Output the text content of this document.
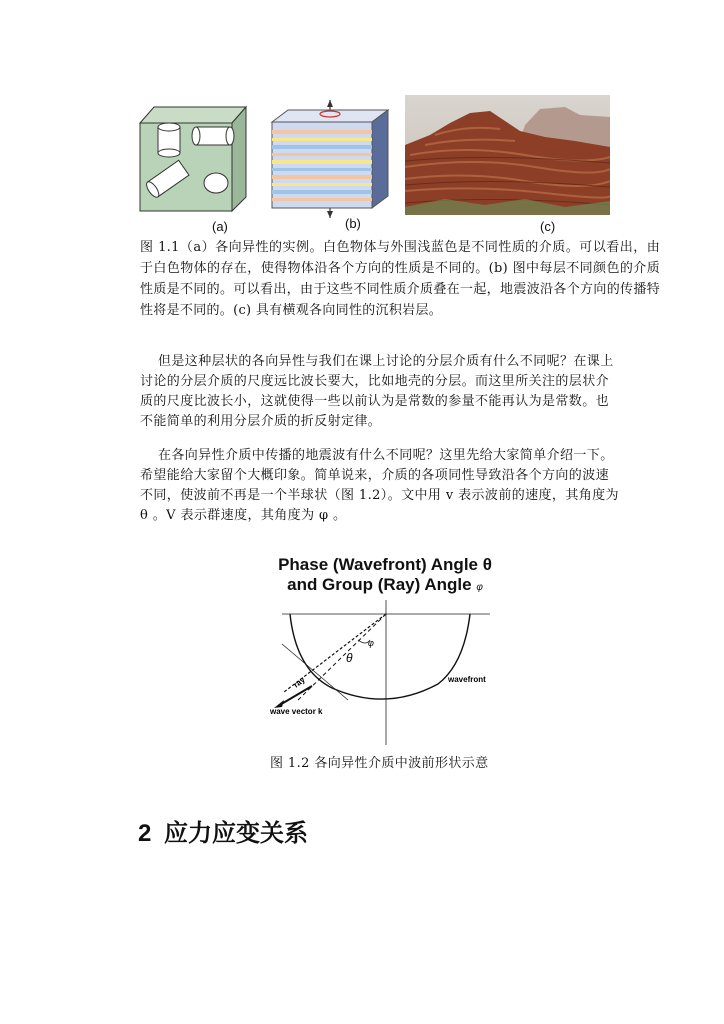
(a)	(b)	(c)
图 1.1（a）各向异性的实例。白色物体与外围浅蓝色是不同性质的介质。可以看出，由于白色物体的存在，使得物体沿各个方向的性质是不同的。(b) 图中每层不同颜色的介质性质是不同的。可以看出，由于这些不同性质介质叠在一起，地震波沿各个方向的传播特性将是不同的。(c) 具有横观各向同性的沉积岩层。
但是这种层状的各向异性与我们在课上讨论的分层介质有什么不同呢？在课上讨论的分层介质的尺度远比波长要大，比如地壳的分层。而这里所关注的层状介质的尺度比波长小，这就使得一些以前认为是常数的参量不能再认为是常数。也不能简单的利用分层介质的折反射定律。
在各向异性介质中传播的地震波有什么不同呢？这里先给大家简单介绍一下。希望能给大家留个大概印象。简单说来，介质的各项同性导致沿各个方向的波速不同，使波前不再是一个半球状（图 1.2）。文中用 v 表示波前的速度，其角度为 θ 。V 表示群速度，其角度为 φ 。
Phase (Wavefront) Angle θ
and Group (Ray) Angle φ
θ
φ
ray	wavefront
wave vector k
图 1.2 各向异性介质中波前形状示意
2 应力应变关系
